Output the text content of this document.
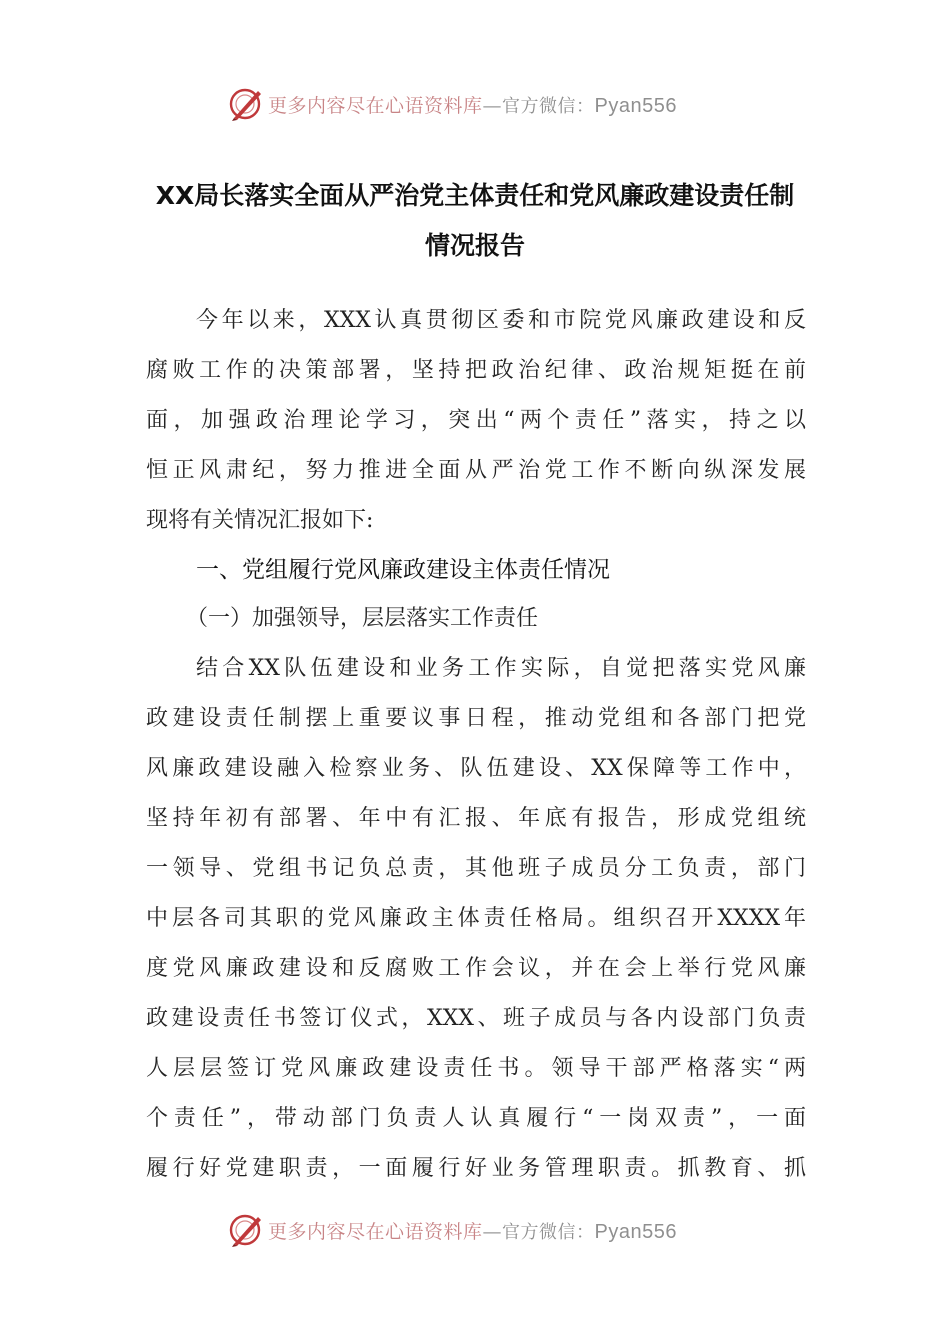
更多内容尽在心语资料库—官方微信：Pyan556
XX局长落实全面从严治党主体责任和党风廉政建设责任制
情况报告
今年以来，XXX认真贯彻区委和市院党风廉政建设和反
腐败工作的决策部署，坚持把政治纪律、政治规矩挺在前
面，加强政治理论学习，突出“两个责任”落实，持之以
恒正风肃纪，努力推进全面从严治党工作不断向纵深发展
现将有关情况汇报如下:
一、党组履行党风廉政建设主体责任情况
（一）加强领导，层层落实工作责任
结合XX队伍建设和业务工作实际，自觉把落实党风廉
政建设责任制摆上重要议事日程，推动党组和各部门把党
风廉政建设融入检察业务、队伍建设、XX保障等工作中，
坚持年初有部署、年中有汇报、年底有报告，形成党组统
一领导、党组书记负总责，其他班子成员分工负责，部门
中层各司其职的党风廉政主体责任格局。组织召开XXXX年
度党风廉政建设和反腐败工作会议，并在会上举行党风廉
政建设责任书签订仪式，XXX、班子成员与各内设部门负责
人层层签订党风廉政建设责任书。领导干部严格落实“两
个责任”，带动部门负责人认真履行“一岗双责”，一面
履行好党建职责，一面履行好业务管理职责。抓教育、抓
更多内容尽在心语资料库—官方微信：Pyan556
